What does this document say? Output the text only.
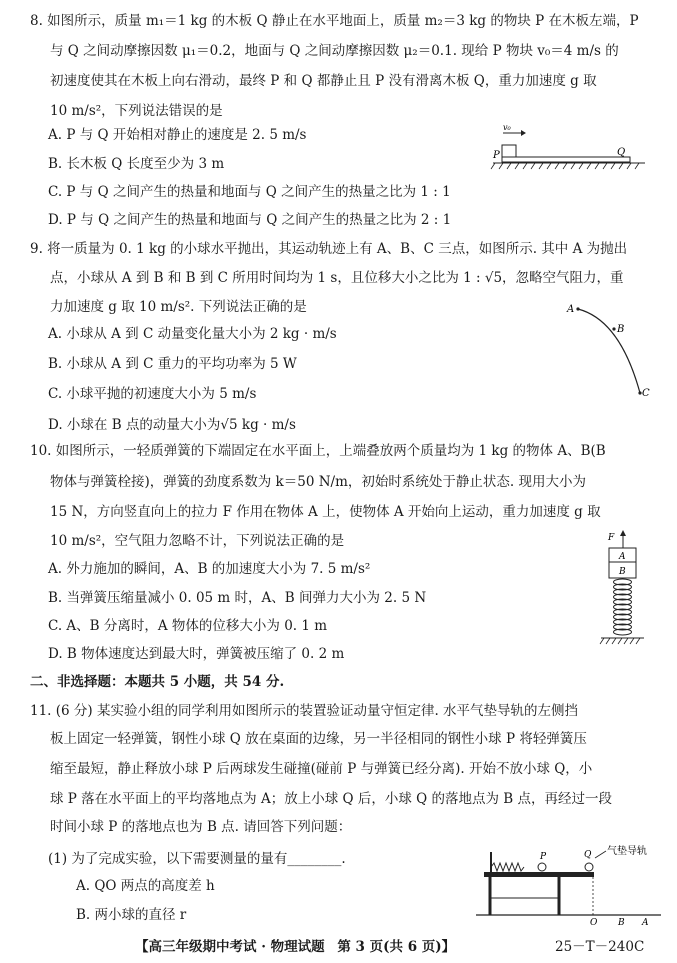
8. 如图所示，质量 m₁＝1 kg 的木板 Q 静止在水平地面上，质量 m₂＝3 kg 的物块 P 在木板左端，P
与 Q 之间动摩擦因数 μ₁＝0.2，地面与 Q 之间动摩擦因数 μ₂＝0.1. 现给 P 物块 v₀＝4 m/s 的
初速度使其在木板上向右滑动，最终 P 和 Q 都静止且 P 没有滑离木板 Q，重力加速度 g 取
10 m/s²，下列说法错误的是
A. P 与 Q 开始相对静止的速度是 2. 5 m/s
B. 长木板 Q 长度至少为 3 m
C. P 与 Q 之间产生的热量和地面与 Q 之间产生的热量之比为 1 : 1
D. P 与 Q 之间产生的热量和地面与 Q 之间产生的热量之比为 2 : 1
v₀
P	Q
9. 将一质量为 0. 1 kg 的小球水平抛出，其运动轨迹上有 A、B、C 三点，如图所示. 其中 A 为抛出
点，小球从 A 到 B 和 B 到 C 所用时间均为 1 s，且位移大小之比为 1 : √5，忽略空气阻力，重
力加速度 g 取 10 m/s². 下列说法正确的是
A. 小球从 A 到 C 动量变化量大小为 2 kg · m/s
B. 小球从 A 到 C 重力的平均功率为 5 W
C. 小球平抛的初速度大小为 5 m/s
D. 小球在 B 点的动量大小为√5 kg · m/s
A
B
C
10. 如图所示，一轻质弹簧的下端固定在水平面上，上端叠放两个质量均为 1 kg 的物体 A、B(B
物体与弹簧栓接)，弹簧的劲度系数为 k＝50 N/m，初始时系统处于静止状态. 现用大小为
15 N，方向竖直向上的拉力 F 作用在物体 A 上，使物体 A 开始向上运动，重力加速度 g 取
10 m/s²，空气阻力忽略不计，下列说法正确的是
A. 外力施加的瞬间，A、B 的加速度大小为 7. 5 m/s²
B. 当弹簧压缩量减小 0. 05 m 时，A、B 间弹力大小为 2. 5 N
C. A、B 分离时，A 物体的位移大小为 0. 1 m
D. B 物体速度达到最大时，弹簧被压缩了 0. 2 m
F
A
B
二、非选择题：本题共 5 小题，共 54 分.
11. (6 分) 某实验小组的同学利用如图所示的装置验证动量守恒定律. 水平气垫导轨的左侧挡
板上固定一轻弹簧，钢性小球 Q 放在桌面的边缘，另一半径相同的钢性小球 P 将轻弹簧压
缩至最短，静止释放小球 P 后两球发生碰撞(碰前 P 与弹簧已经分离). 开始不放小球 Q，小
球 P 落在水平面上的平均落地点为 A；放上小球 Q 后，小球 Q 的落地点为 B 点，再经过一段
时间小球 P 的落地点也为 B 点. 请回答下列问题：
(1) 为了完成实验，以下需要测量的量有________.
A. QO 两点的高度差 h
B. 两小球的直径 r
P	Q 气垫导轨
O B A
【高三年级期中考试 · 物理试题 第 3 页(共 6 页)】	25－T－240C
